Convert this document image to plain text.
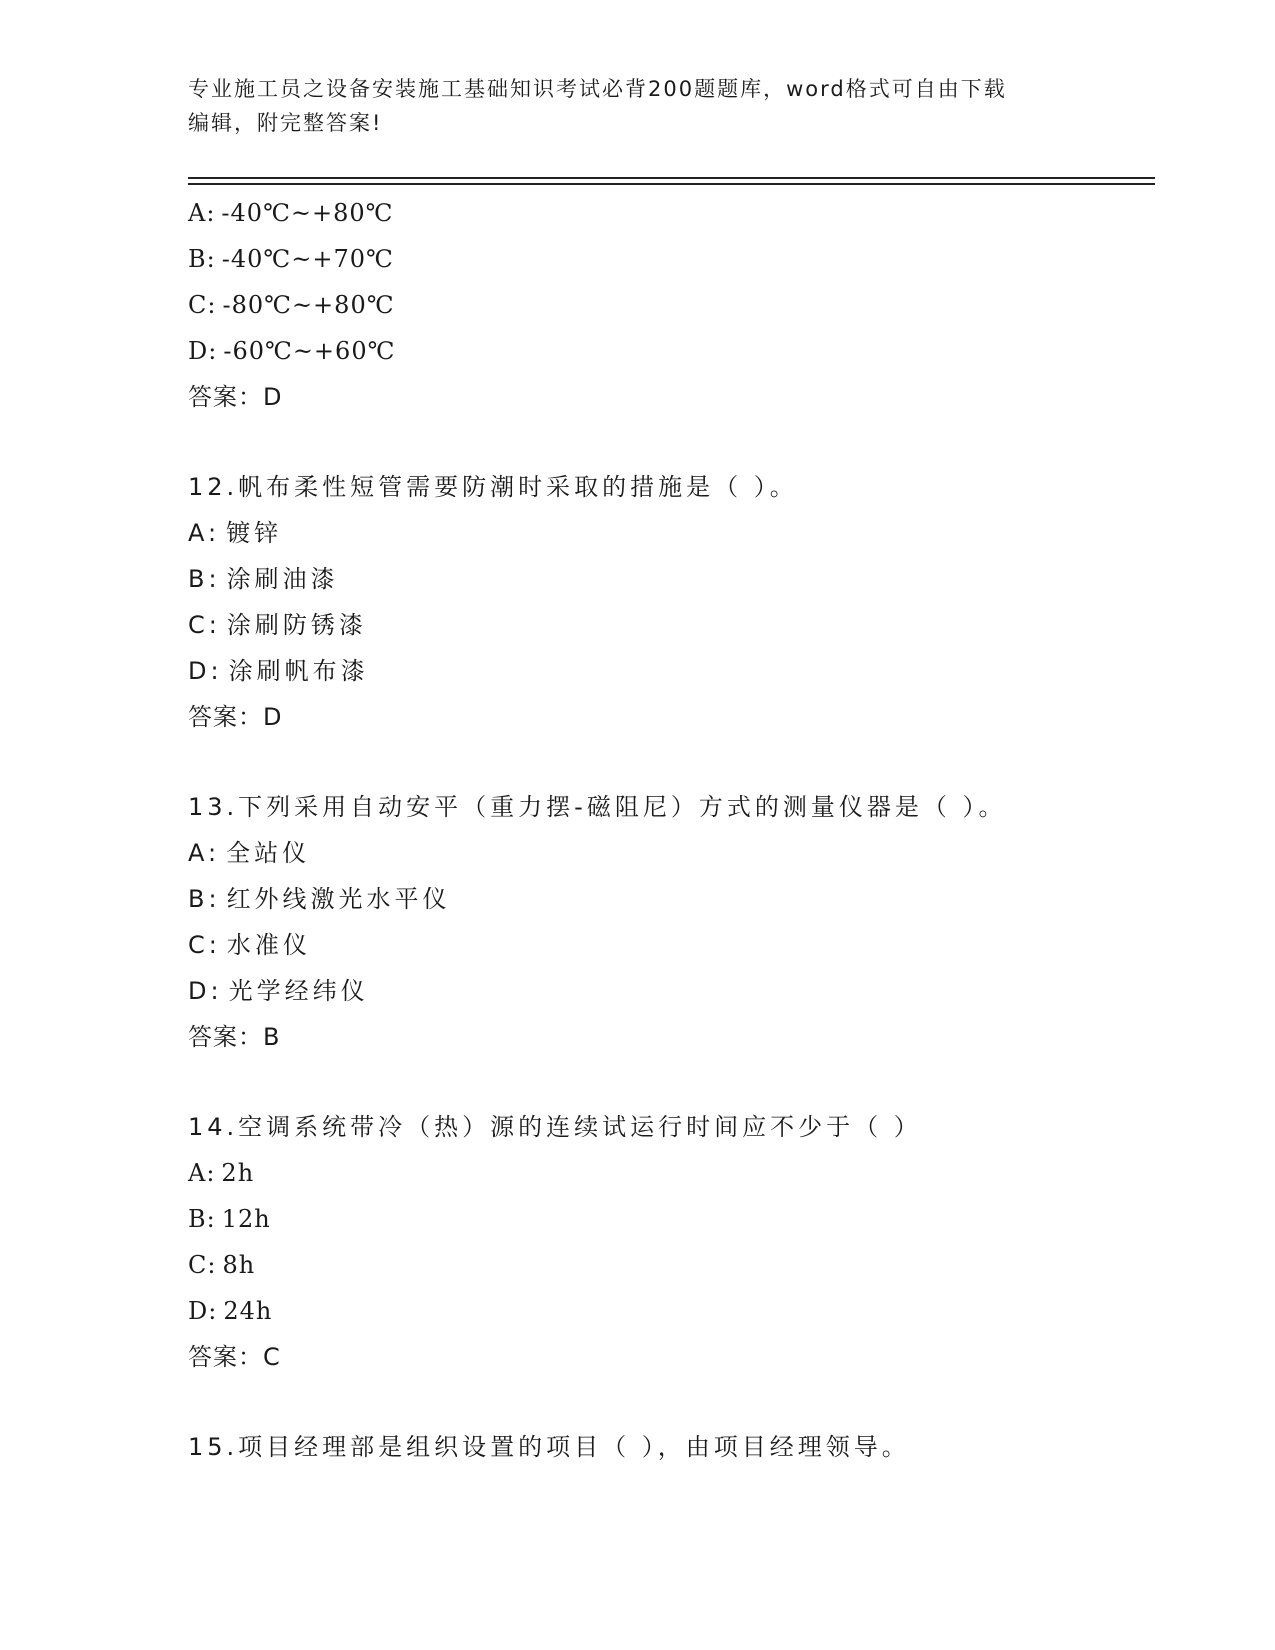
专业施工员之设备安装施工基础知识考试必背200题题库，word格式可自由下载
编辑，附完整答案!
A: -40℃~+80℃
B: -40℃~+70℃
C: -80℃~+80℃
D: -60℃~+60℃
答案：D
12.帆布柔性短管需要防潮时采取的措施是（ ）。
A: 镀锌
B: 涂刷油漆
C: 涂刷防锈漆
D: 涂刷帆布漆
答案：D
13.下列采用自动安平（重力摆-磁阻尼）方式的测量仪器是（ ）。
A: 全站仪
B: 红外线激光水平仪
C: 水准仪
D: 光学经纬仪
答案：B
14.空调系统带冷（热）源的连续试运行时间应不少于（ ）
A: 2h
B: 12h
C: 8h
D: 24h
答案：C
15.项目经理部是组织设置的项目（ ），由项目经理领导。
